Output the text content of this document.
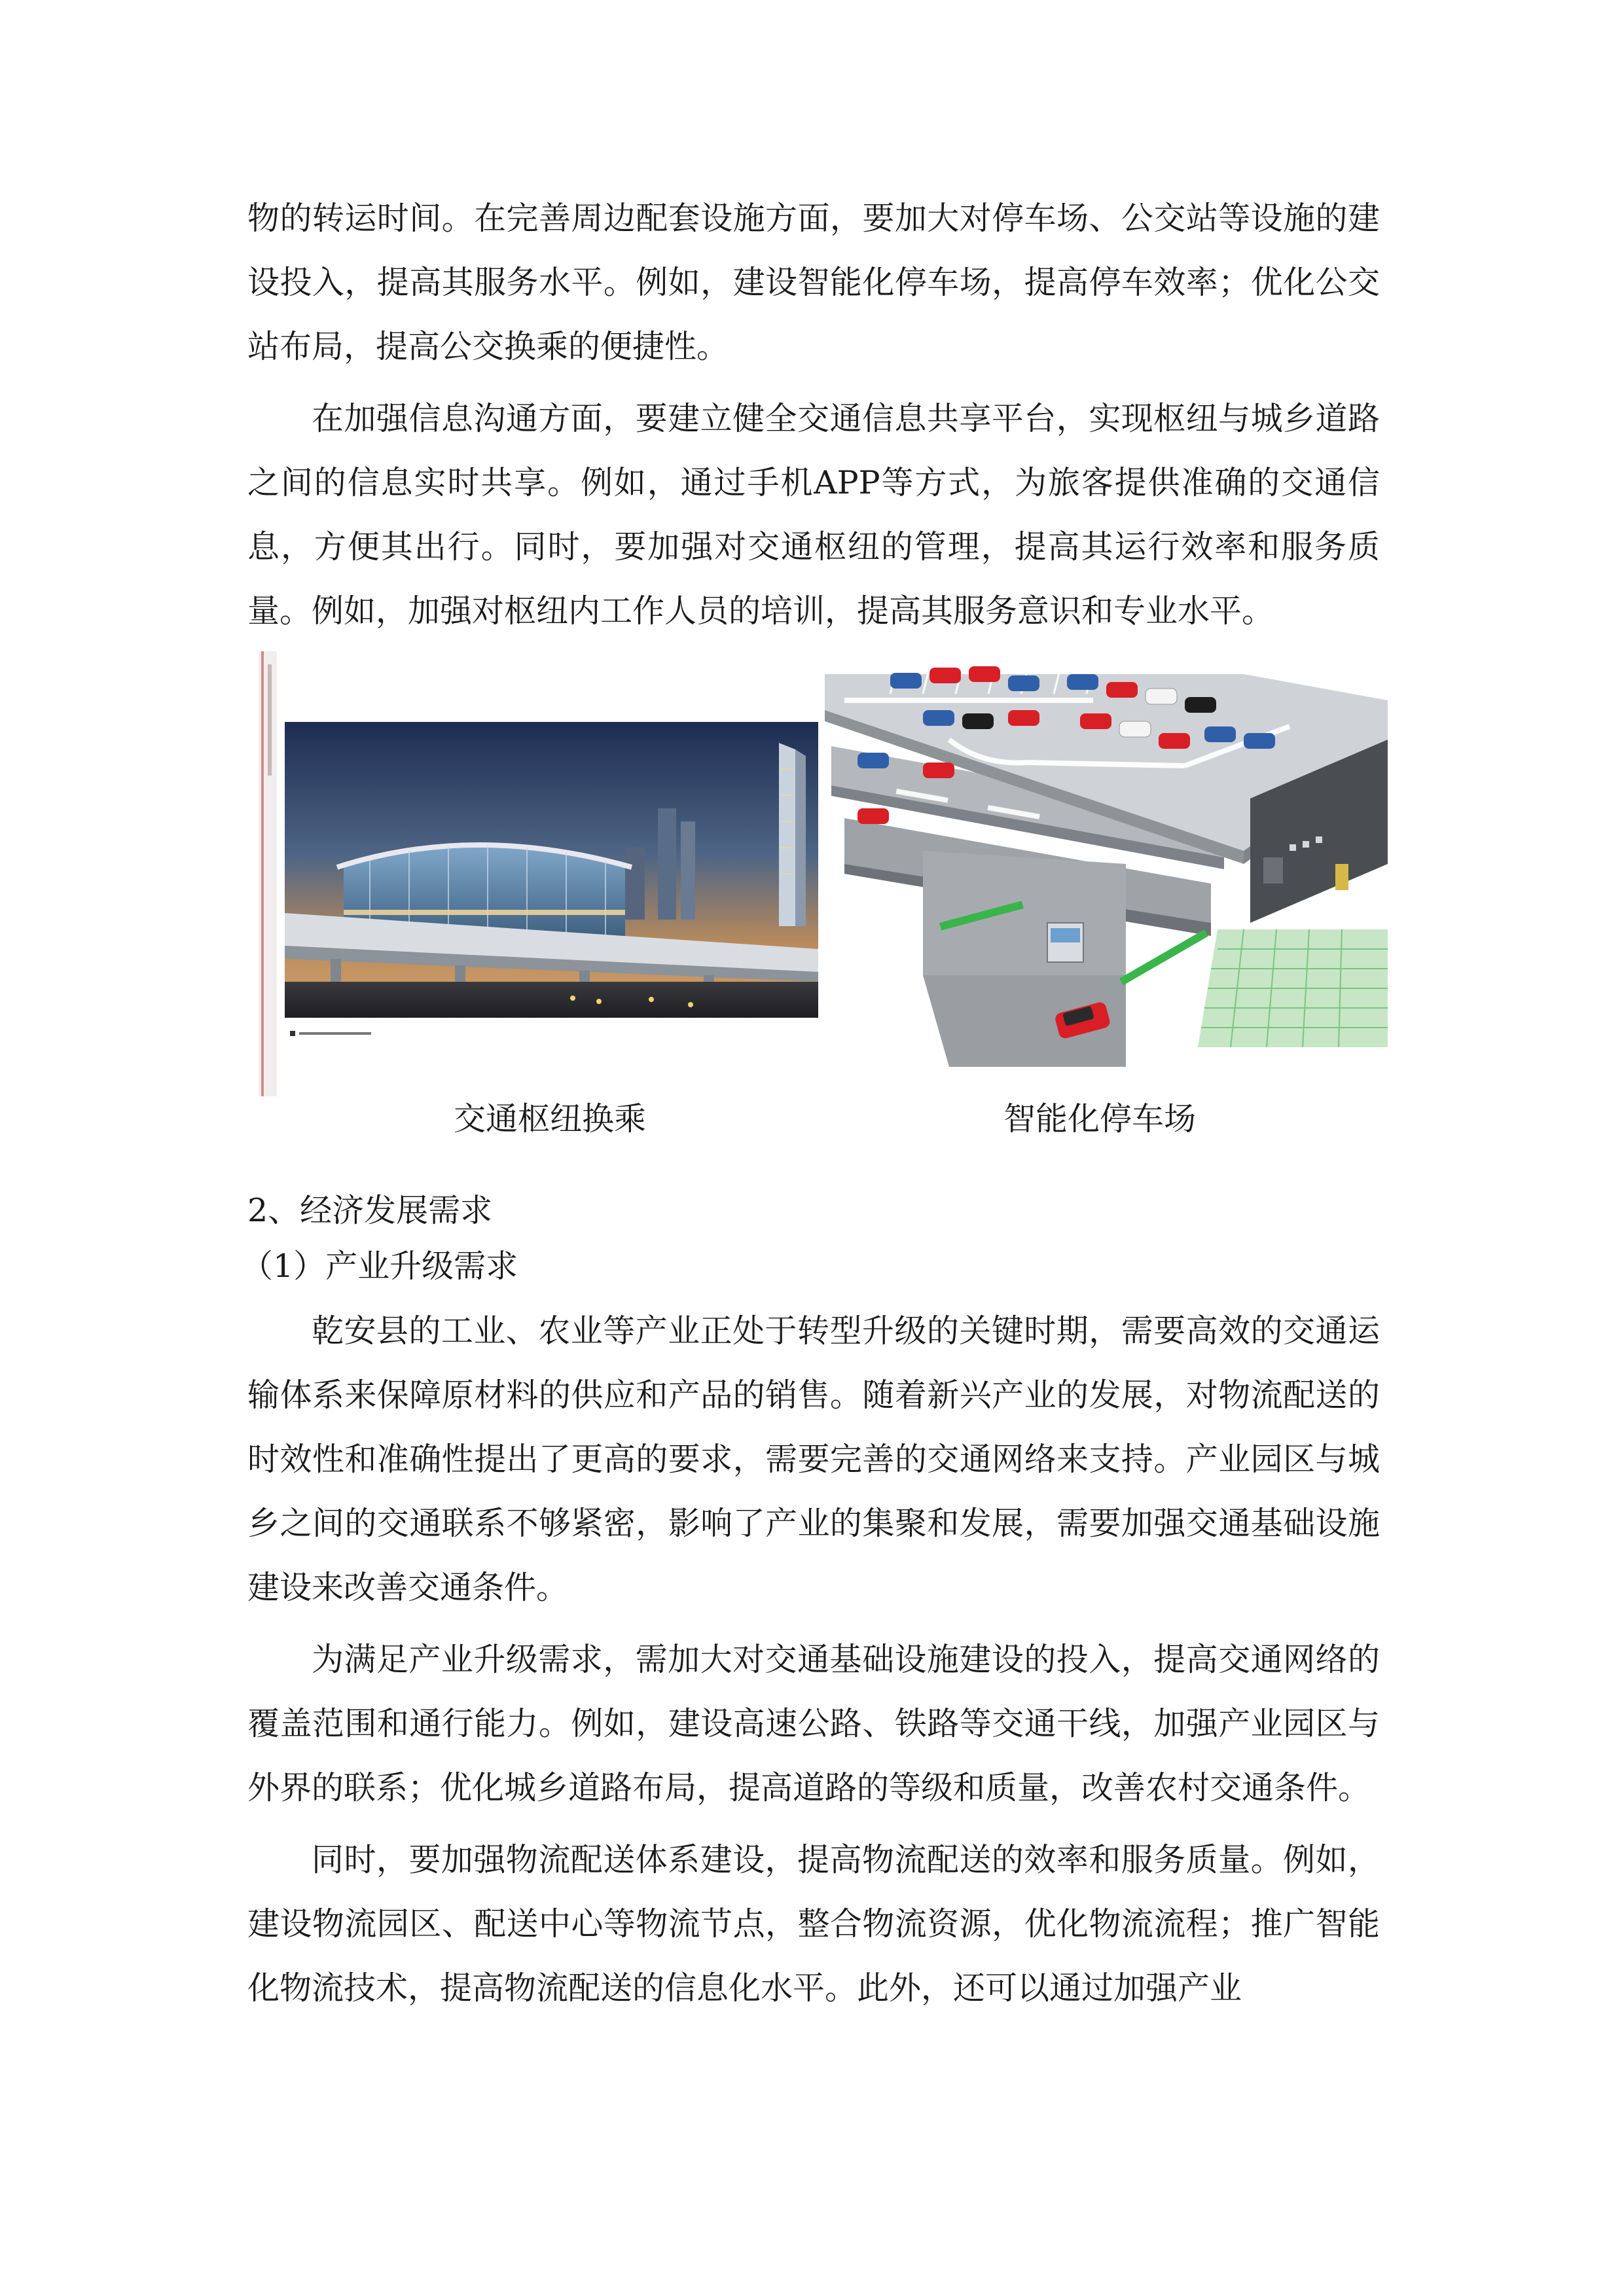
物的转运时间。在完善周边配套设施方面，要加大对停车场、公交站等设施的建设投入，提高其服务水平。例如，建设智能化停车场，提高停车效率；优化公交站布局，提高公交换乘的便捷性。

在加强信息沟通方面，要建立健全交通信息共享平台，实现枢纽与城乡道路之间的信息实时共享。例如，通过手机APP等方式，为旅客提供准确的交通信息，方便其出行。同时，要加强对交通枢纽的管理，提高其运行效率和服务质量。例如，加强对枢纽内工作人员的培训，提高其服务意识和专业水平。

交通枢纽换乘	智能化停车场

2、经济发展需求

（1）产业升级需求

乾安县的工业、农业等产业正处于转型升级的关键时期，需要高效的交通运输体系来保障原材料的供应和产品的销售。随着新兴产业的发展，对物流配送的时效性和准确性提出了更高的要求，需要完善的交通网络来支持。产业园区与城乡之间的交通联系不够紧密，影响了产业的集聚和发展，需要加强交通基础设施建设来改善交通条件。

为满足产业升级需求，需加大对交通基础设施建设的投入，提高交通网络的覆盖范围和通行能力。例如，建设高速公路、铁路等交通干线，加强产业园区与外界的联系；优化城乡道路布局，提高道路的等级和质量，改善农村交通条件。

同时，要加强物流配送体系建设，提高物流配送的效率和服务质量。例如，建设物流园区、配送中心等物流节点，整合物流资源，优化物流流程；推广智能化物流技术，提高物流配送的信息化水平。此外，还可以通过加强产业
